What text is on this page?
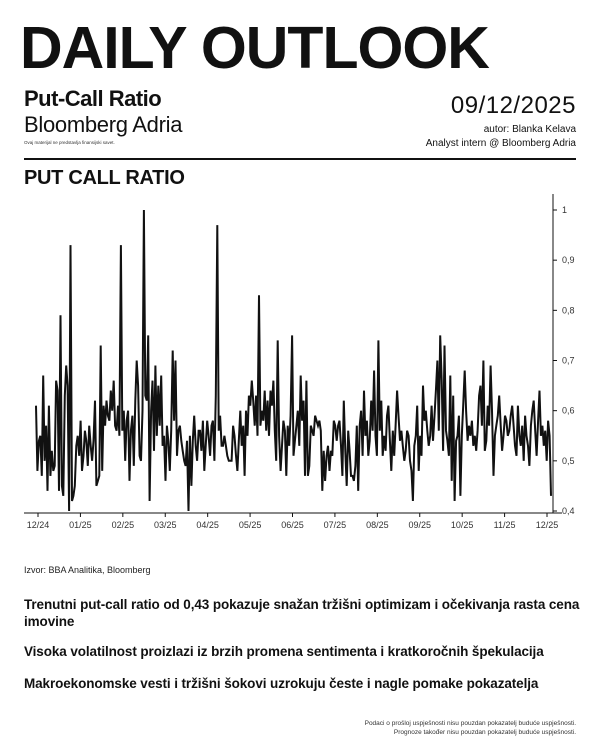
DAILY OUTLOOK
Put-Call Ratio
Bloomberg Adria
Ovaj materijal ne predstavlja finansijski savet.
09/12/2025
autor: Blanka Kelava
Analyst intern @ Bloomberg Adria
PUT CALL RATIO
12/24 01/25 02/25 03/25 04/25 05/25 06/25 07/25 08/25 09/25 10/25 11/25 12/25
0,4
0,5
0,6
0,7
0,8
0,9
1
Izvor: BBA Analitika, Bloomberg
Trenutni put-call ratio od 0,43 pokazuje snažan tržišni optimizam i očekivanja rasta cena imovine
Visoka volatilnost proizlazi iz brzih promena sentimenta i kratkoročnih špekulacija
Makroekonomske vesti i tržišni šokovi uzrokuju česte i nagle pomake pokazatelja
Podaci o prošloj uspješnosti nisu pouzdan pokazatelj buduće uspješnosti.
Prognoze također nisu pouzdan pokazatelj buduće uspješnosti.
